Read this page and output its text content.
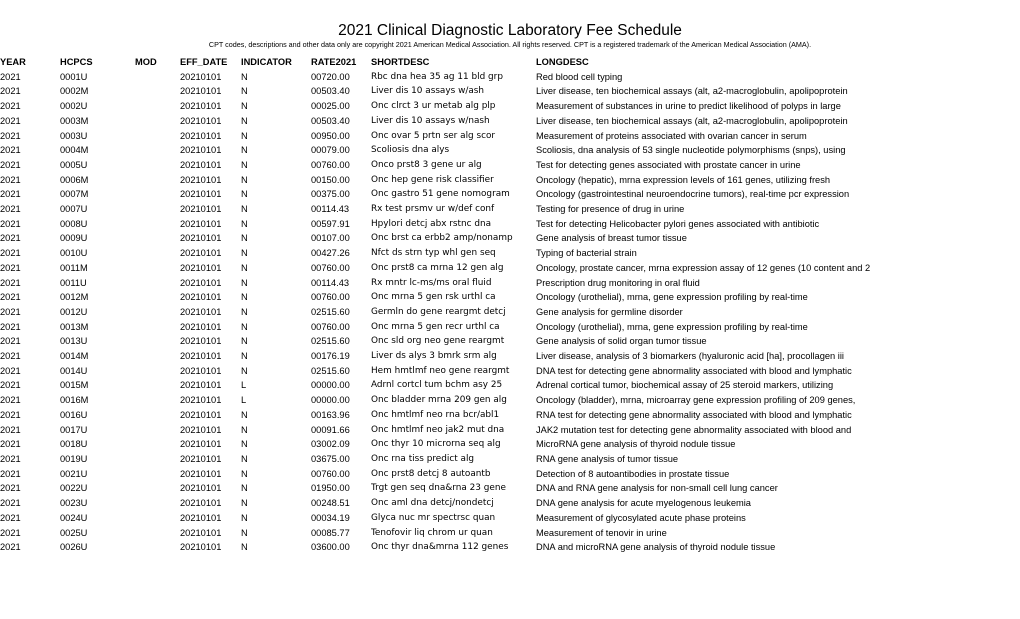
2021 Clinical Diagnostic Laboratory Fee Schedule
CPT codes, descriptions and other data only are copyright 2021 American Medical Association. All rights reserved. CPT is a registered trademark of the American Medical Association (AMA).
YEAR	HCPCS	MOD	EFF_DATE	INDICATOR	RATE2021	SHORTDESC	LONGDESC
2021	0001U		20210101	N	00720.00	Rbc dna hea 35 ag 11 bld grp	Red blood cell typing
2021	0002M		20210101	N	00503.40	Liver dis 10 assays w/ash	Liver disease, ten biochemical assays (alt, a2-macroglobulin, apolipoprotein
2021	0002U		20210101	N	00025.00	Onc clrct 3 ur metab alg plp	Measurement of substances in urine to predict likelihood of polyps in large
2021	0003M		20210101	N	00503.40	Liver dis 10 assays w/nash	Liver disease, ten biochemical assays (alt, a2-macroglobulin, apolipoprotein
2021	0003U		20210101	N	00950.00	Onc ovar 5 prtn ser alg scor	Measurement of proteins associated with ovarian cancer in serum
2021	0004M		20210101	N	00079.00	Scoliosis dna alys	Scoliosis, dna analysis of 53 single nucleotide polymorphisms (snps), using
2021	0005U		20210101	N	00760.00	Onco prst8 3 gene ur alg	Test for detecting genes associated with prostate cancer in urine
2021	0006M		20210101	N	00150.00	Onc hep gene risk classifier	Oncology (hepatic), mrna expression levels of 161 genes, utilizing fresh
2021	0007M		20210101	N	00375.00	Onc gastro 51 gene nomogram	Oncology (gastrointestinal neuroendocrine tumors), real-time pcr expression
2021	0007U		20210101	N	00114.43	Rx test prsmv ur w/def conf	Testing for presence of drug in urine
2021	0008U		20210101	N	00597.91	Hpylori detcj abx rstnc dna	Test for detecting Helicobacter pylori genes associated with antibiotic
2021	0009U		20210101	N	00107.00	Onc brst ca erbb2 amp/nonamp	Gene analysis of breast tumor tissue
2021	0010U		20210101	N	00427.26	Nfct ds strn typ whl gen seq	Typing of bacterial strain
2021	0011M		20210101	N	00760.00	Onc prst8 ca mrna 12 gen alg	Oncology, prostate cancer, mrna expression assay of 12 genes (10 content and 2
2021	0011U		20210101	N	00114.43	Rx mntr lc-ms/ms oral fluid	Prescription drug monitoring in oral fluid
2021	0012M		20210101	N	00760.00	Onc mrna 5 gen rsk urthl ca	Oncology (urothelial), mrna, gene expression profiling by real-time
2021	0012U		20210101	N	02515.60	Germln do gene reargmt detcj	Gene analysis for germline disorder
2021	0013M		20210101	N	00760.00	Onc mrna 5 gen recr urthl ca	Oncology (urothelial), mrna, gene expression profiling by real-time
2021	0013U		20210101	N	02515.60	Onc sld org neo gene reargmt	Gene analysis of solid organ tumor tissue
2021	0014M		20210101	N	00176.19	Liver ds alys 3 bmrk srm alg	Liver disease, analysis of 3 biomarkers (hyaluronic acid [ha], procollagen iii
2021	0014U		20210101	N	02515.60	Hem hmtlmf neo gene reargmt	DNA test for detecting gene abnormality associated with blood and lymphatic
2021	0015M		20210101	L	00000.00	Adrnl cortcl tum bchm asy 25	Adrenal cortical tumor, biochemical assay of 25 steroid markers, utilizing
2021	0016M		20210101	L	00000.00	Onc bladder mrna 209 gen alg	Oncology (bladder), mrna, microarray gene expression profiling of 209 genes,
2021	0016U		20210101	N	00163.96	Onc hmtlmf neo rna bcr/abl1	RNA test for detecting gene abnormality associated with blood and lymphatic
2021	0017U		20210101	N	00091.66	Onc hmtlmf neo jak2 mut dna	JAK2 mutation test for detecting gene abnormality associated with blood and
2021	0018U		20210101	N	03002.09	Onc thyr 10 microrna seq alg	MicroRNA gene analysis of thyroid nodule tissue
2021	0019U		20210101	N	03675.00	Onc rna tiss predict alg	RNA gene analysis of tumor tissue
2021	0021U		20210101	N	00760.00	Onc prst8 detcj 8 autoantb	Detection of 8 autoantibodies in prostate tissue
2021	0022U		20210101	N	01950.00	Trgt gen seq dna&rna 23 gene	DNA and RNA gene analysis for non-small cell lung cancer
2021	0023U		20210101	N	00248.51	Onc aml dna detcj/nondetcj	DNA gene analysis for acute myelogenous leukemia
2021	0024U		20210101	N	00034.19	Glyca nuc mr spectrsc quan	Measurement of glycosylated acute phase proteins
2021	0025U		20210101	N	00085.77	Tenofovir liq chrom ur quan	Measurement of tenovir in urine
2021	0026U		20210101	N	03600.00	Onc thyr dna&mrna 112 genes	DNA and microRNA gene analysis of thyroid nodule tissue
